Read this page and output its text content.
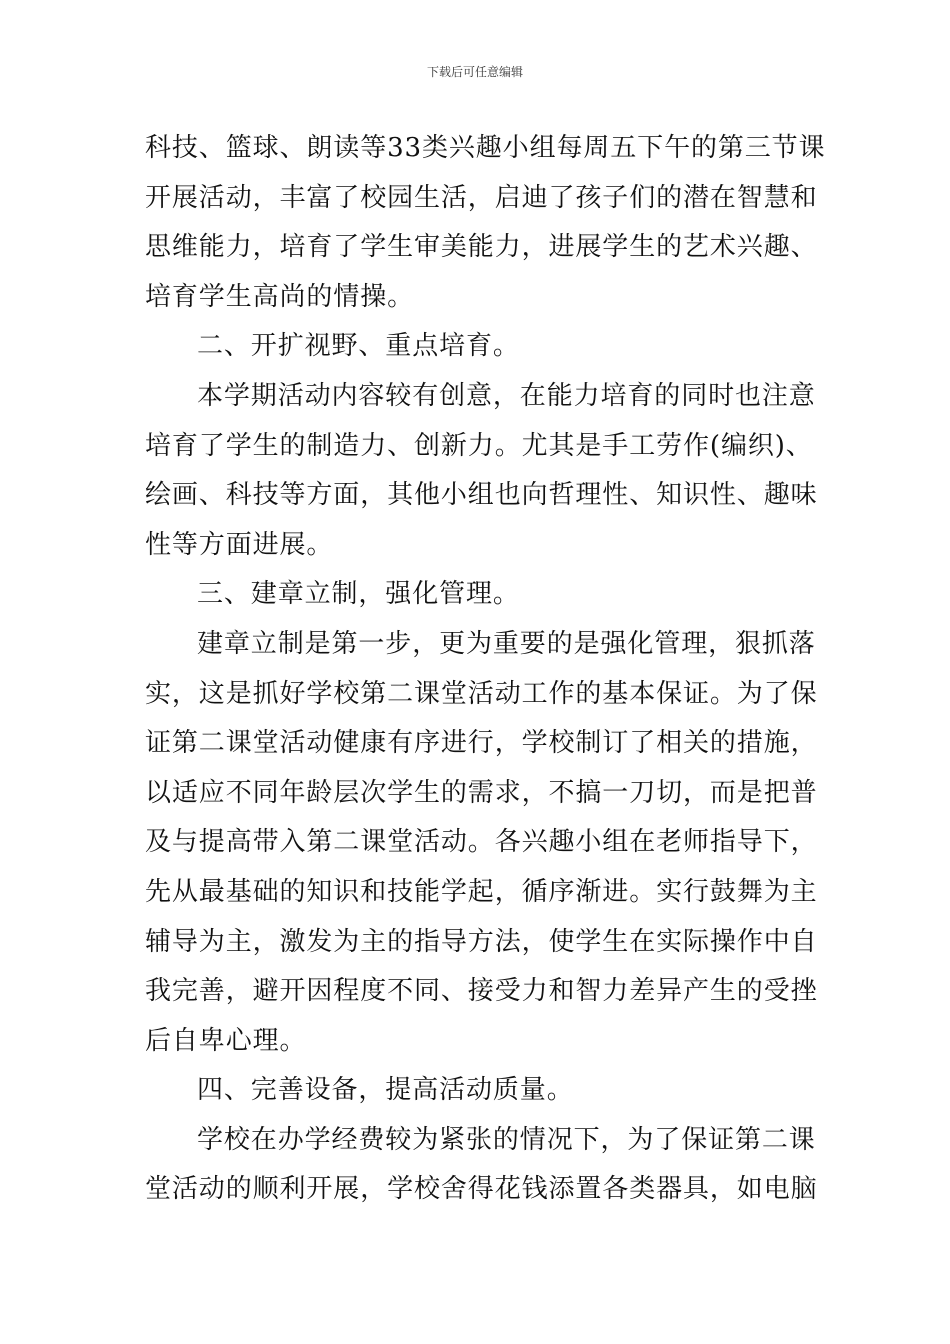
下载后可任意编辑
科技、篮球、朗读等33类兴趣小组每周五下午的第三节课
开展活动，丰富了校园生活，启迪了孩子们的潜在智慧和
思维能力，培育了学生审美能力，进展学生的艺术兴趣、
培育学生高尚的情操。
二、开扩视野、重点培育。
本学期活动内容较有创意，在能力培育的同时也注意
培育了学生的制造力、创新力。尤其是手工劳作(编织)、
绘画、科技等方面，其他小组也向哲理性、知识性、趣味
性等方面进展。
三、建章立制，强化管理。
建章立制是第一步，更为重要的是强化管理，狠抓落
实，这是抓好学校第二课堂活动工作的基本保证。为了保
证第二课堂活动健康有序进行，学校制订了相关的措施，
以适应不同年龄层次学生的需求，不搞一刀切，而是把普
及与提高带入第二课堂活动。各兴趣小组在老师指导下，
先从最基础的知识和技能学起，循序渐进。实行鼓舞为主
辅导为主，激发为主的指导方法，使学生在实际操作中自
我完善，避开因程度不同、接受力和智力差异产生的受挫
后自卑心理。
四、完善设备，提高活动质量。
学校在办学经费较为紧张的情况下，为了保证第二课
堂活动的顺利开展，学校舍得花钱添置各类器具，如电脑
